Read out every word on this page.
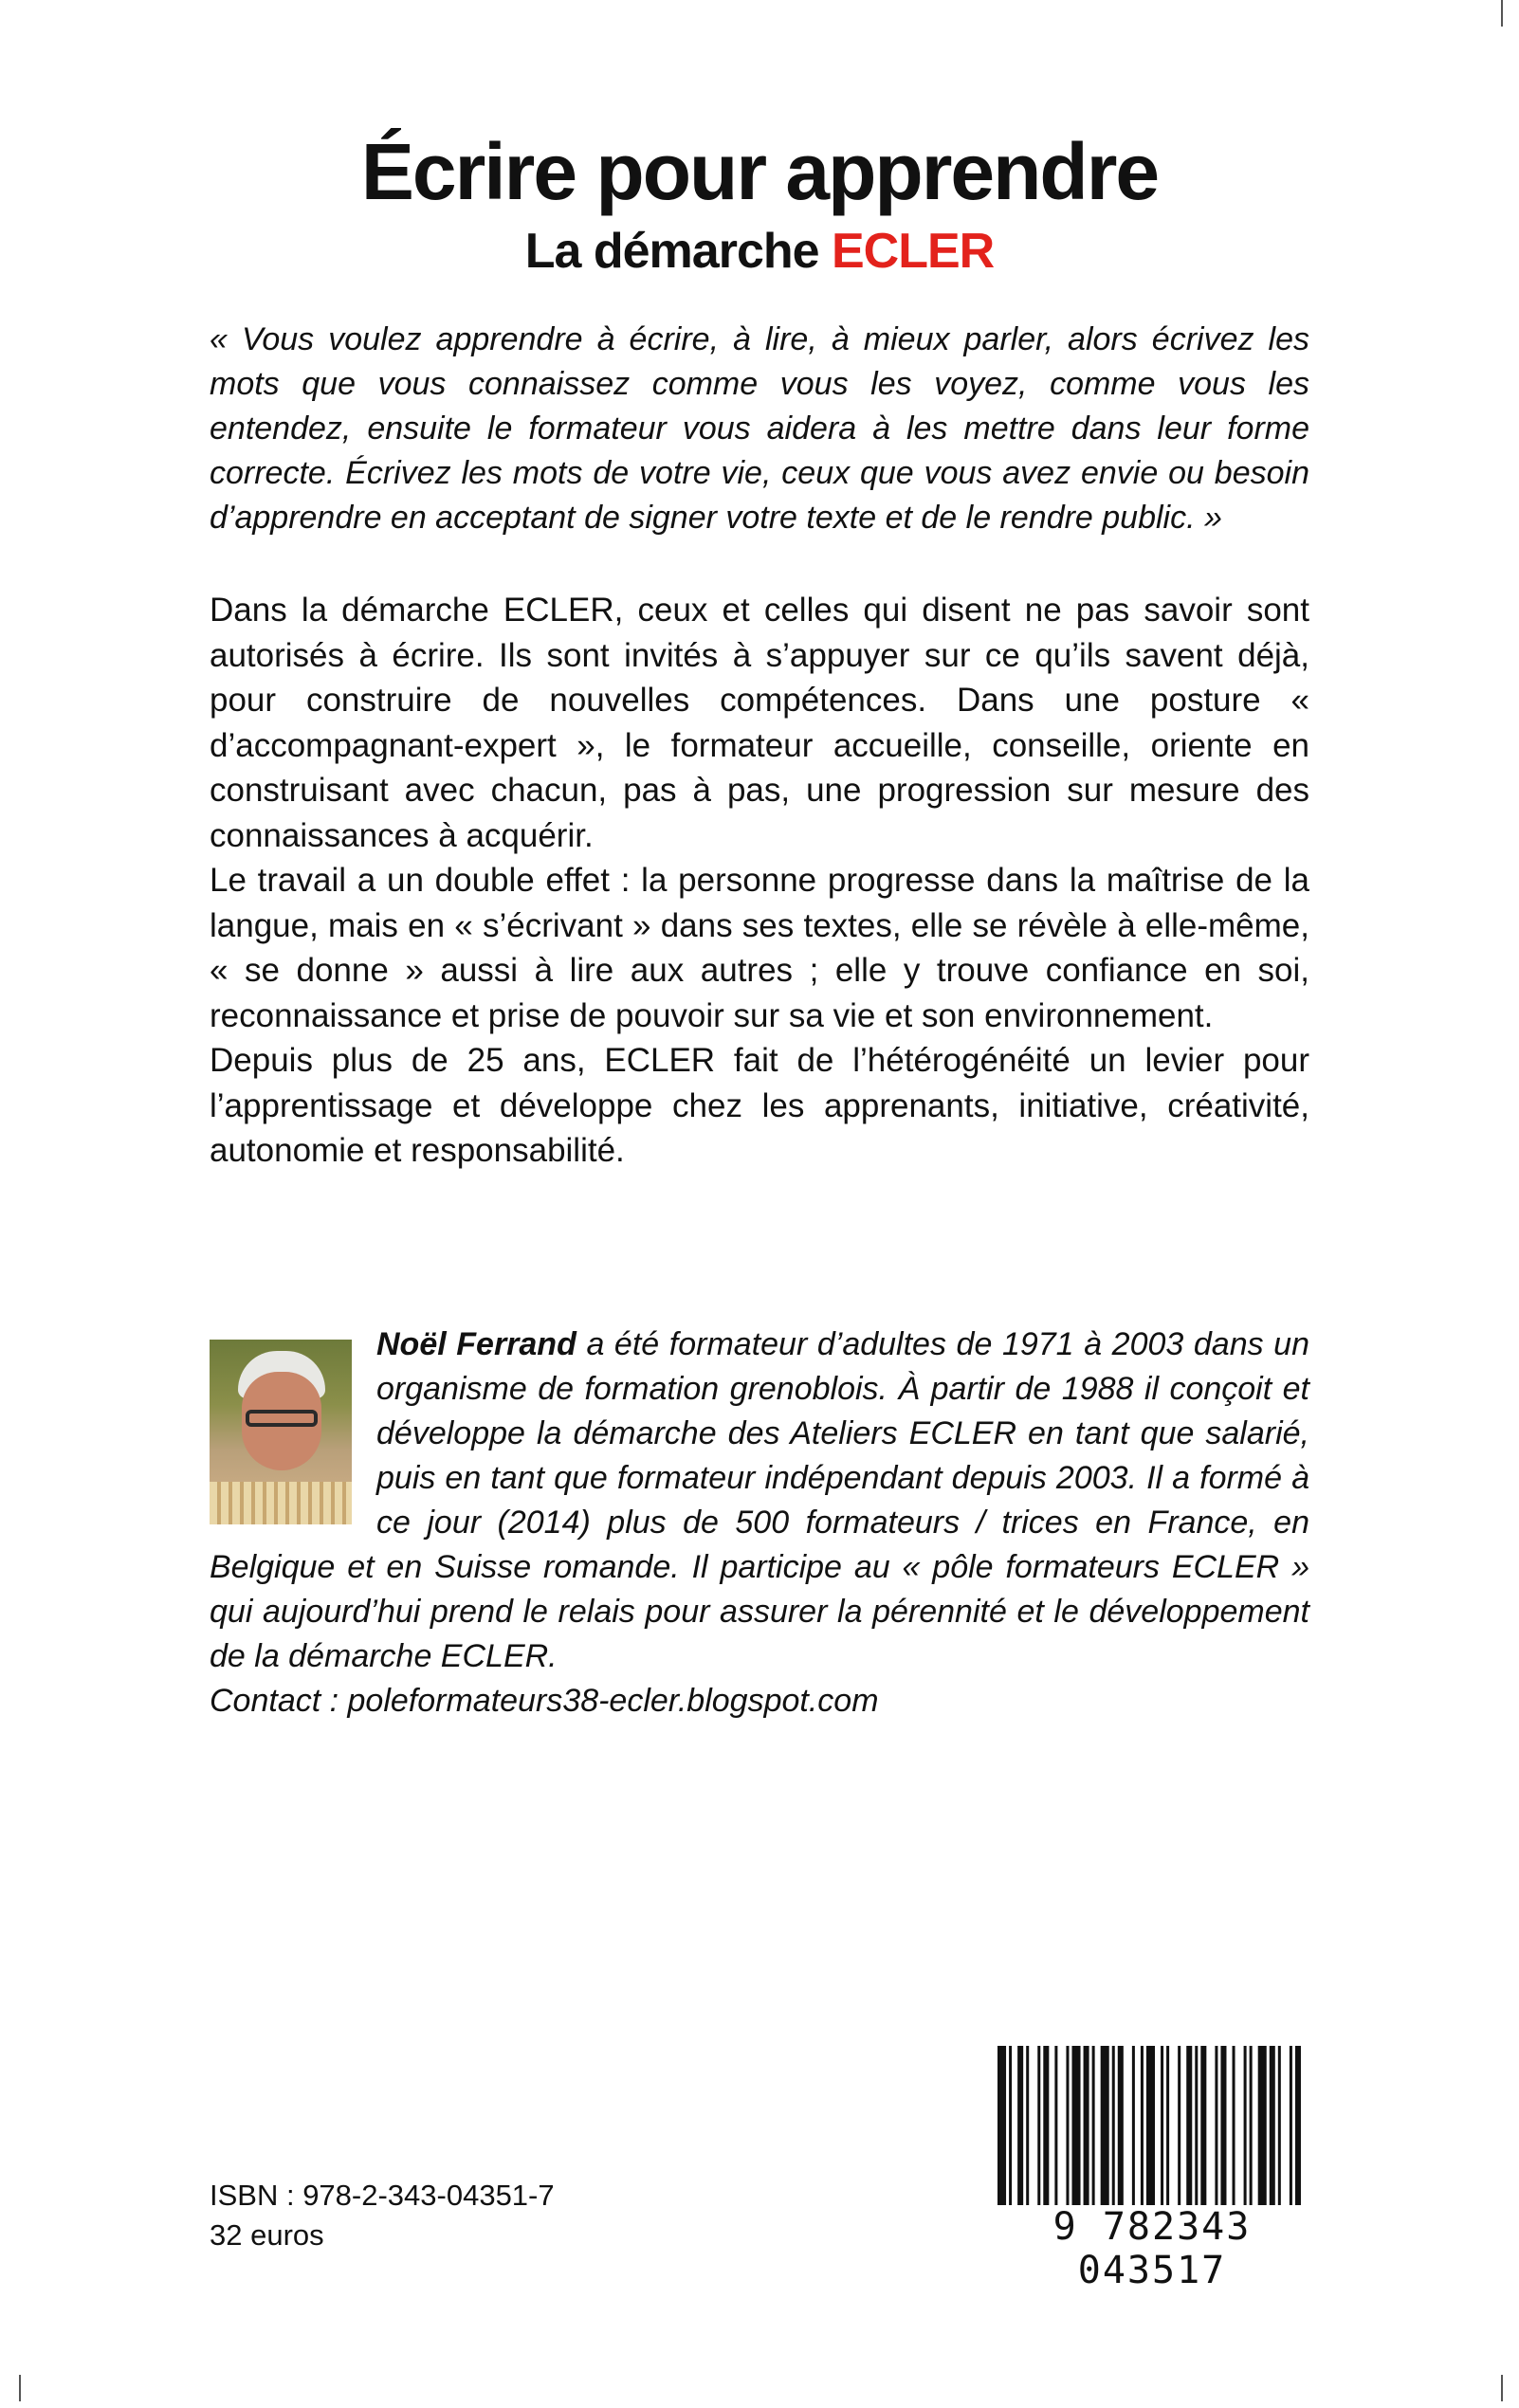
Écrire pour apprendre
La démarche ECLER

« Vous voulez apprendre à écrire, à lire, à mieux parler, alors écrivez les mots que vous connaissez comme vous les voyez, comme vous les entendez, ensuite le formateur vous aidera à les mettre dans leur forme correcte. Écrivez les mots de votre vie, ceux que vous avez envie ou besoin d’apprendre en acceptant de signer votre texte et de le rendre public. »

Dans la démarche ECLER, ceux et celles qui disent ne pas savoir sont autorisés à écrire. Ils sont invités à s’appuyer sur ce qu’ils savent déjà, pour construire de nouvelles compétences. Dans une posture « d’accompagnant-expert », le formateur accueille, conseille, oriente en construisant avec chacun, pas à pas, une progression sur mesure des connaissances à acquérir.

Le travail a un double effet : la personne progresse dans la maîtrise de la langue, mais en « s’écrivant » dans ses textes, elle se révèle à elle-même, « se donne » aussi à lire aux autres ; elle y trouve confiance en soi, reconnaissance et prise de pouvoir sur sa vie et son environnement.

Depuis plus de 25 ans, ECLER fait de l’hétérogénéité un levier pour l’apprentissage et développe chez les apprenants, initiative, créativité, autonomie et responsabilité.

Noël Ferrand a été formateur d’adultes de 1971 à 2003 dans un organisme de formation grenoblois. À partir de 1988 il conçoit et développe la démarche des Ateliers ECLER en tant que salarié, puis en tant que formateur indépendant depuis 2003. Il a formé à ce jour (2014) plus de 500 formateurs / trices en France, en Belgique et en Suisse romande. Il participe au « pôle formateurs ECLER » qui aujourd’hui prend le relais pour assurer la pérennité et le développement de la démarche ECLER.
Contact : poleformateurs38-ecler.blogspot.com
ISBN : 978-2-343-04351-7
32 euros	9 782343 043517
